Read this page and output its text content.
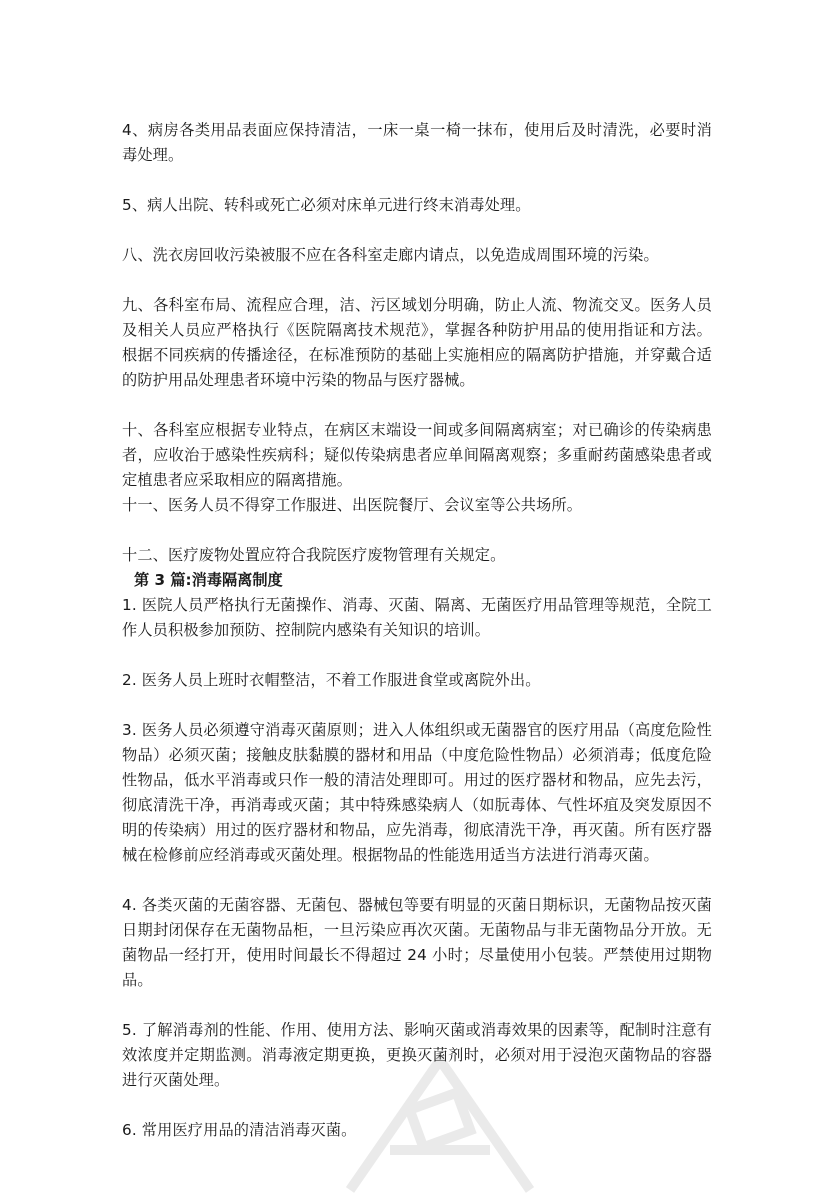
4、病房各类用品表面应保持清洁，一床一桌一椅一抹布，使用后及时清洗，必要时消毒处理。

5、病人出院、转科或死亡必须对床单元进行终末消毒处理。

八、洗衣房回收污染被服不应在各科室走廊内请点，以免造成周围环境的污染。

九、各科室布局、流程应合理，洁、污区域划分明确，防止人流、物流交叉。医务人员及相关人员应严格执行《医院隔离技术规范》，掌握各种防护用品的使用指证和方法。根据不同疾病的传播途径，在标准预防的基础上实施相应的隔离防护措施，并穿戴合适的防护用品处理患者环境中污染的物品与医疗器械。

十、各科室应根据专业特点，在病区末端设一间或多间隔离病室；对已确诊的传染病患者，应收治于感染性疾病科；疑似传染病患者应单间隔离观察；多重耐药菌感染患者或定植患者应采取相应的隔离措施。

十一、医务人员不得穿工作服进、出医院餐厅、会议室等公共场所。

十二、医疗废物处置应符合我院医疗废物管理有关规定。

第 3 篇:消毒隔离制度

1. 医院人员严格执行无菌操作、消毒、灭菌、隔离、无菌医疗用品管理等规范，全院工作人员积极参加预防、控制院内感染有关知识的培训。

2. 医务人员上班时衣帽整洁，不着工作服进食堂或离院外出。

3. 医务人员必须遵守消毒灭菌原则；进入人体组织或无菌器官的医疗用品（高度危险性物品）必须灭菌；接触皮肤黏膜的器材和用品（中度危险性物品）必须消毒；低度危险性物品，低水平消毒或只作一般的清洁处理即可。用过的医疗器材和物品，应先去污，彻底清洗干净，再消毒或灭菌；其中特殊感染病人（如朊毒体、气性坏疽及突发原因不明的传染病）用过的医疗器材和物品，应先消毒，彻底清洗干净，再灭菌。所有医疗器械在检修前应经消毒或灭菌处理。根据物品的性能选用适当方法进行消毒灭菌。

4. 各类灭菌的无菌容器、无菌包、器械包等要有明显的灭菌日期标识，无菌物品按灭菌日期封闭保存在无菌物品柜，一旦污染应再次灭菌。无菌物品与非无菌物品分开放。无菌物品一经打开，使用时间最长不得超过 24 小时；尽量使用小包装。严禁使用过期物品。

5. 了解消毒剂的性能、作用、使用方法、影响灭菌或消毒效果的因素等，配制时注意有效浓度并定期监测。消毒液定期更换，更换灭菌剂时，必须对用于浸泡灭菌物品的容器进行灭菌处理。

6. 常用医疗用品的清洁消毒灭菌。
